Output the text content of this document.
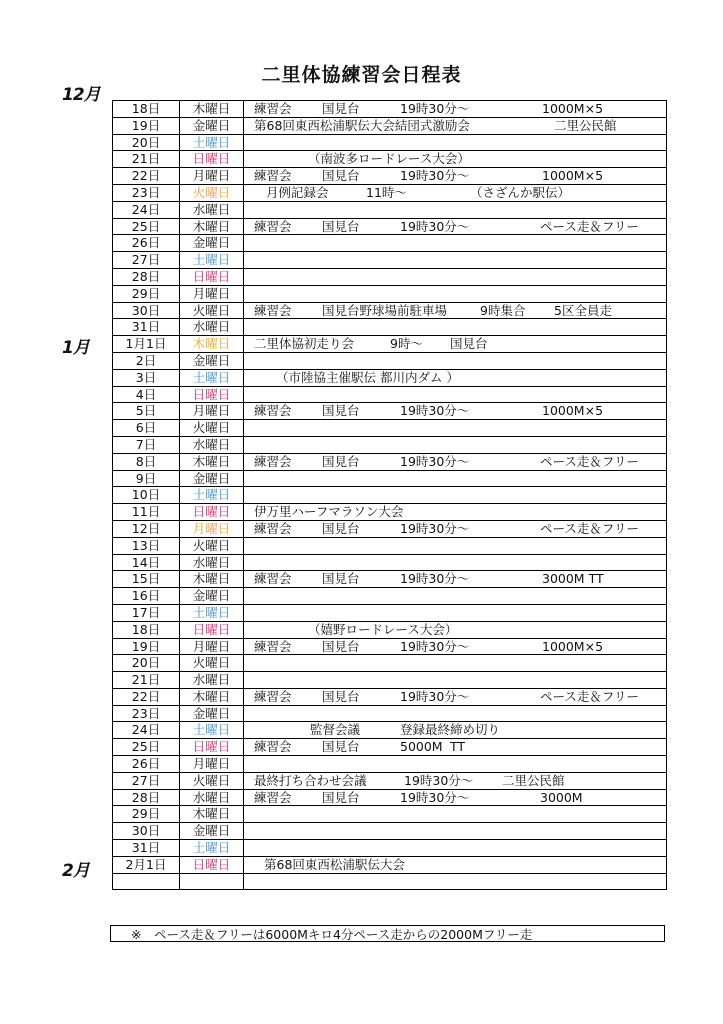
二里体協練習会日程表
12月
1月
2月
18日	木曜日	練習会 国見台 19時30分〜 1000M×5

19日	金曜日	第68回東西松浦駅伝大会結団式激励会 二里公民館

20日	土曜日	
21日	日曜日	（南波多ロードレース大会）

22日	月曜日	練習会 国見台 19時30分〜 1000M×5

23日	火曜日	月例記録会 11時〜 （さざんか駅伝）

24日	水曜日	
25日	木曜日	練習会 国見台 19時30分〜 ペース走＆フリー

26日	金曜日	
27日	土曜日	
28日	日曜日	
29日	月曜日	
30日	火曜日	練習会 国見台野球場前駐車場 9時集合 5区全員走

31日	水曜日	
1月1日	木曜日	二里体協初走り会 9時〜 国見台

2日	金曜日	
3日	土曜日	（市陸協主催駅伝 都川内ダム ）

4日	日曜日	
5日	月曜日	練習会 国見台 19時30分〜 1000M×5

6日	火曜日	
7日	水曜日	
8日	木曜日	練習会 国見台 19時30分〜 ペース走＆フリー

9日	金曜日	
10日	土曜日	
11日	日曜日	伊万里ハーフマラソン大会

12日	月曜日	練習会 国見台 19時30分〜 ペース走＆フリー

13日	火曜日	
14日	水曜日	
15日	木曜日	練習会 国見台 19時30分〜 3000M TT

16日	金曜日	
17日	土曜日	
18日	日曜日	（嬉野ロードレース大会）

19日	月曜日	練習会 国見台 19時30分〜 1000M×5

20日	火曜日	
21日	水曜日	
22日	木曜日	練習会 国見台 19時30分〜 ペース走＆フリー

23日	金曜日	
24日	土曜日	監督会議 登録最終締め切り

25日	日曜日	練習会 国見台 5000M TT

26日	月曜日	
27日	火曜日	最終打ち合わせ会議 19時30分〜 二里公民館

28日	水曜日	練習会 国見台 19時30分〜 3000M

29日	木曜日	
30日	金曜日	
31日	土曜日	
2月1日	日曜日	第68回東西松浦駅伝大会

※　ペース走＆フリーは6000Mキロ4分ペース走からの2000Mフリー走
